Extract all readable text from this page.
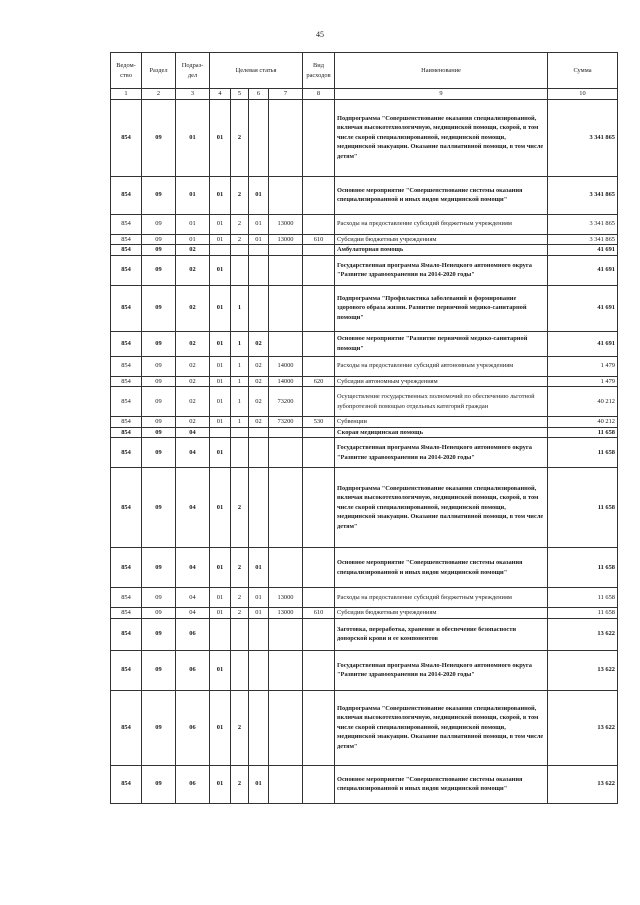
45
Ведом-ство	Раздел	Подраз-дел	Целевая статья				Вид расходов	Наименование	Сумма
1	2	3	4	5	6	7	8	9	10
854	09	01	01	2				Подпрограмма "Совершенствование оказания специализированной, включая высокотехнологичную, медицинской помощи, скорой, в том числе скорой специализированной, медицинской помощи, медицинской эвакуации. Оказание паллиативной помощи, в том числе детям"	3 341 865
854	09	01	01	2	01			Основное мероприятие "Совершенствование системы оказания специализированной и иных видов медицинской помощи"	3 341 865
854	09	01	01	2	01	13000		Расходы на предоставление субсидий бюджетным учреждениям	3 341 865
854	09	01	01	2	01	13000	610	Субсидии бюджетным учреждениям	3 341 865
854	09	02						Амбулаторная помощь	41 691
854	09	02	01					Государственная программа Ямало-Ненецкого автономного округа "Развитие здравоохранения на 2014-2020 годы"	41 691
854	09	02	01	1				Подпрограмма "Профилактика заболеваний и формирование здорового образа жизни. Развитие первичной медико-санитарной помощи"	41 691
854	09	02	01	1	02			Основное мероприятие "Развитие первичной медико-санитарной помощи"	41 691
854	09	02	01	1	02	14000		Расходы на предоставление субсидий автономным учреждениям	1 479
854	09	02	01	1	02	14000	620	Субсидии автономным учреждениям	1 479
854	09	02	01	1	02	73200		Осуществление государственных полномочий по обеспечению льготной зубопротезной помощью отдельных категорий граждан	40 212
854	09	02	01	1	02	73200	530	Субвенции	40 212
854	09	04						Скорая медицинская помощь	11 658
854	09	04	01					Государственная программа Ямало-Ненецкого автономного округа "Развитие здравоохранения на 2014-2020 годы"	11 658
854	09	04	01	2				Подпрограмма "Совершенствование оказания специализированной, включая высокотехнологичную, медицинской помощи, скорой, в том числе скорой специализированной, медицинской помощи, медицинской эвакуации. Оказание паллиативной помощи, в том числе детям"	11 658
854	09	04	01	2	01			Основное мероприятие "Совершенствование системы оказания специализированной и иных видов медицинской помощи"	11 658
854	09	04	01	2	01	13000		Расходы на предоставление субсидий бюджетным учреждениям	11 658
854	09	04	01	2	01	13000	610	Субсидии бюджетным учреждениям	11 658
854	09	06						Заготовка, переработка, хранение и обеспечение безопасности донорской крови и ее компонентов	13 622
854	09	06	01					Государственная программа Ямало-Ненецкого автономного округа "Развитие здравоохранения на 2014-2020 годы"	13 622
854	09	06	01	2				Подпрограмма "Совершенствование оказания специализированной, включая высокотехнологичную, медицинской помощи, скорой, в том числе скорой специализированной, медицинской помощи, медицинской эвакуации. Оказание паллиативной помощи, в том числе детям"	13 622
854	09	06	01	2	01			Основное мероприятие "Совершенствование системы оказания специализированной и иных видов медицинской помощи"	13 622
